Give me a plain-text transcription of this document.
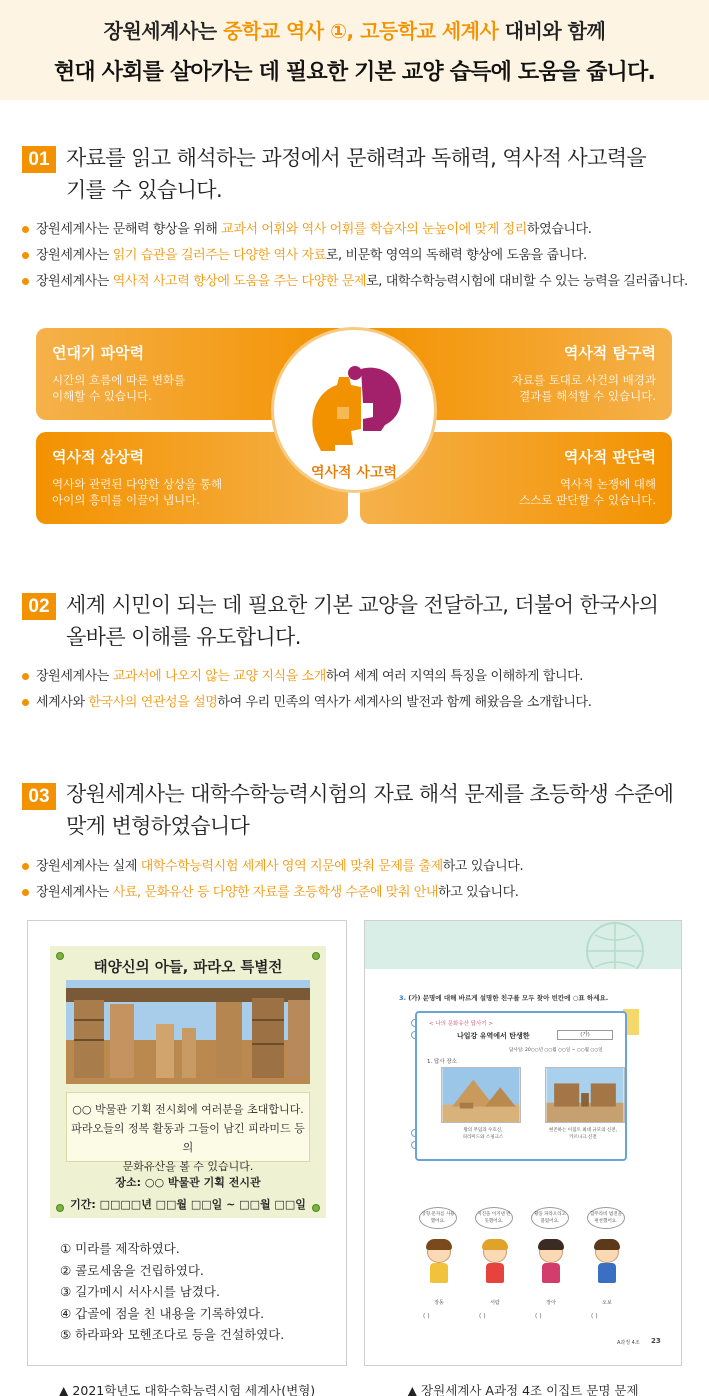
장원세계사는 중학교 역사 ①, 고등학교 세계사 대비와 함께
현대 사회를 살아가는 데 필요한 기본 교양 습득에 도움을 줍니다.
01 자료를 읽고 해석하는 과정에서 문해력과 독해력, 역사적 사고력을
기를 수 있습니다.
장원세계사는 문해력 향상을 위해 교과서 어휘와 역사 어휘를 학습자의 눈높이에 맞게 정리하였습니다.
장원세계사는 읽기 습관을 길러주는 다양한 역사 자료로, 비문학 영역의 독해력 향상에 도움을 줍니다.
장원세계사는 역사적 사고력 향상에 도움을 주는 다양한 문제로, 대학수학능력시험에 대비할 수 있는 능력을 길러줍니다.
연대기 파악력
시간의 흐름에 따른 변화를
이해할 수 있습니다.
역사적 탐구력
자료를 토대로 사건의 배경과
결과를 해석할 수 있습니다.
역사적 상상력
역사와 관련된 다양한 상상을 통해
아이의 흥미를 이끌어 냅니다.
역사적 판단력
역사적 논쟁에 대해
스스로 판단할 수 있습니다.
역사적 사고력
02 세계 시민이 되는 데 필요한 기본 교양을 전달하고, 더불어 한국사의
올바른 이해를 유도합니다.
장원세계사는 교과서에 나오지 않는 교양 지식을 소개하여 세계 여러 지역의 특징을 이해하게 합니다.
세계사와 한국사의 연관성을 설명하여 우리 민족의 역사가 세계사의 발전과 함께 해왔음을 소개합니다.
03 장원세계사는 대학수학능력시험의 자료 해석 문제를 초등학생 수준에
맞게 변형하였습니다
장원세계사는 실제 대학수학능력시험 세계사 영역 지문에 맞춰 문제를 출제하고 있습니다.
장원세계사는 사료, 문화유산 등 다양한 자료를 초등학생 수준에 맞춰 안내하고 있습니다.
태양신의 아들, 파라오 특별전
○○ 박물관 기획 전시회에 여러분을 초대합니다.
파라오들의 정복 활동과 그들이 남긴 피라미드 등의
문화유산을 볼 수 있습니다.
장소: ○○ 박물관 기획 전시관
기간: □□□□년 □□월 □□일 ~ □□월 □□일
① 미라를 제작하였다.
② 콜로세움을 건립하였다.
③ 길가메시 서사시를 남겼다.
④ 갑골에 점을 친 내용을 기록하였다.
⑤ 하라파와 모헨조다로 등을 건설하였다.
▲ 2021학년도 대학수학능력시험 세계사(변형)
3. (가) 문명에 대해 바르게 설명한 친구를 모두 찾아 빈칸에 ○표 하세요.
< 나의 문화유산 답사기 >
나일강 유역에서 탄생한	(가)
답사일: 20○○년 ○○월 ○○일 ~ ○○월 ○○일
1. 답사 장소
왕의 무덤과 수호신,
피라미드와 스핑크스
현존하는 이집트 최대 규모의 신전,
카르나크 신전
상형 문자를 사용했어요.
지진을 이겨낸 반듯했어요.
황을 파라오라고 불렀어요.
함무라비 법전을 편찬했어요.
장동	서람	장아	오보
( )	( )	( )	( )
A과정 4조 23
▲ 장원세계사 A과정 4조 이집트 문명 문제
